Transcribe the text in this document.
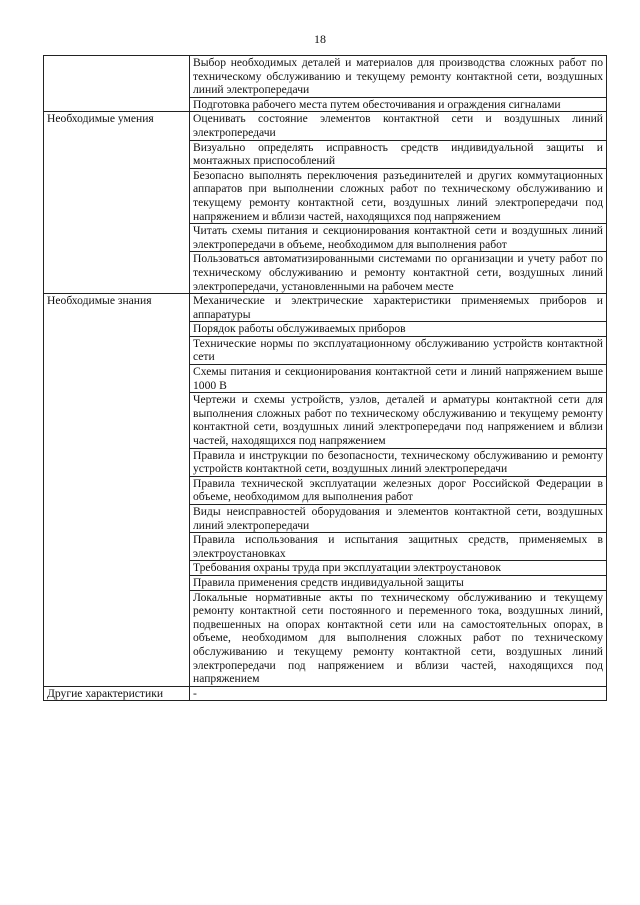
18
	Выбор необходимых деталей и материалов для производства сложных работ по техническому обслуживанию и текущему ремонту контактной сети, воздушных линий электропередачи
	Подготовка рабочего места путем обесточивания и ограждения сигналами
Необходимые умения	Оценивать состояние элементов контактной сети и воздушных линий электропередачи
	Визуально определять исправность средств индивидуальной защиты и монтажных приспособлений
	Безопасно выполнять переключения разъединителей и других коммутационных аппаратов при выполнении сложных работ по техническому обслуживанию и текущему ремонту контактной сети, воздушных линий электропередачи под напряжением и вблизи частей, находящихся под напряжением
	Читать схемы питания и секционирования контактной сети и воздушных линий электропередачи в объеме, необходимом для выполнения работ
	Пользоваться автоматизированными системами по организации и учету работ по техническому обслуживанию и ремонту контактной сети, воздушных линий электропередачи, установленными на рабочем месте
Необходимые знания	Механические и электрические характеристики применяемых приборов и аппаратуры
	Порядок работы обслуживаемых приборов
	Технические нормы по эксплуатационному обслуживанию устройств контактной сети
	Схемы питания и секционирования контактной сети и линий напряжением выше 1000 В
	Чертежи и схемы устройств, узлов, деталей и арматуры контактной сети для выполнения сложных работ по техническому обслуживанию и текущему ремонту контактной сети, воздушных линий электропередачи под напряжением и вблизи частей, находящихся под напряжением
	Правила и инструкции по безопасности, техническому обслуживанию и ремонту устройств контактной сети, воздушных линий электропередачи
	Правила технической эксплуатации железных дорог Российской Федерации в объеме, необходимом для выполнения работ
	Виды неисправностей оборудования и элементов контактной сети, воздушных линий электропередачи
	Правила использования и испытания защитных средств, применяемых в электроустановках
	Требования охраны труда при эксплуатации электроустановок
	Правила применения средств индивидуальной защиты
	Локальные нормативные акты по техническому обслуживанию и текущему ремонту контактной сети постоянного и переменного тока, воздушных линий, подвешенных на опорах контактной сети или на самостоятельных опорах, в объеме, необходимом для выполнения сложных работ по техническому обслуживанию и текущему ремонту контактной сети, воздушных линий электропередачи под напряжением и вблизи частей, находящихся под напряжением
Другие характеристики	-
